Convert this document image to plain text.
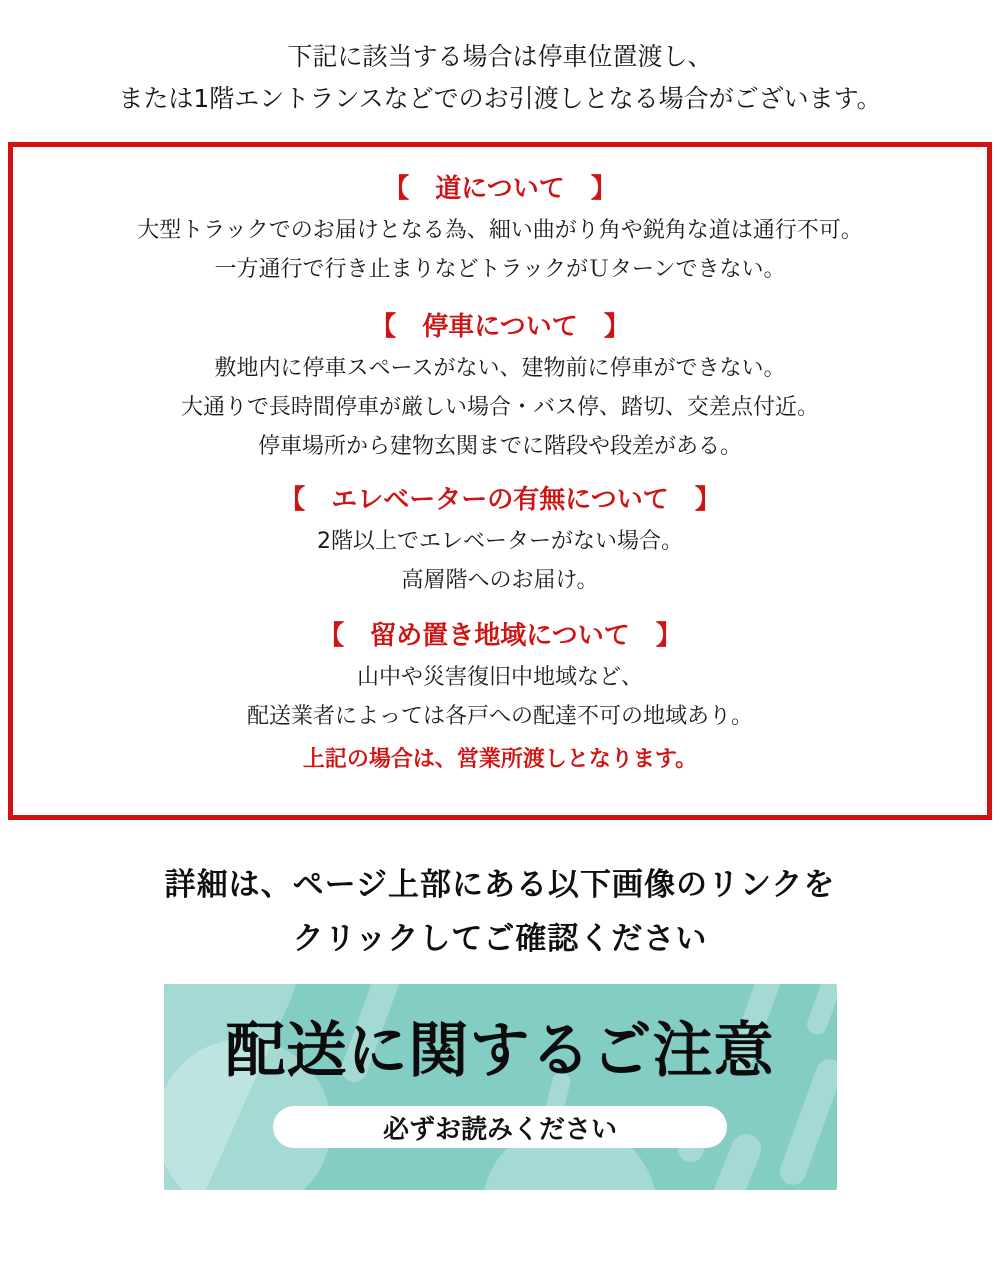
下記に該当する場合は停車位置渡し、
または1階エントランスなどでのお引渡しとなる場合がございます。
【　道について　】
大型トラックでのお届けとなる為、細い曲がり角や鋭角な道は通行不可。
一方通行で行き止まりなどトラックがＵターンできない。
【　停車について　】
敷地内に停車スペースがない、建物前に停車ができない。
大通りで長時間停車が厳しい場合・バス停、踏切、交差点付近。
停車場所から建物玄関までに階段や段差がある。
【　エレベーターの有無について　】
2階以上でエレベーターがない場合。
高層階へのお届け。
【　留め置き地域について　】
山中や災害復旧中地域など、
配送業者によっては各戸への配達不可の地域あり。
上記の場合は、営業所渡しとなります。
詳細は、ページ上部にある以下画像のリンクを
クリックしてご確認ください
配送に関するご注意
必ずお読みください
